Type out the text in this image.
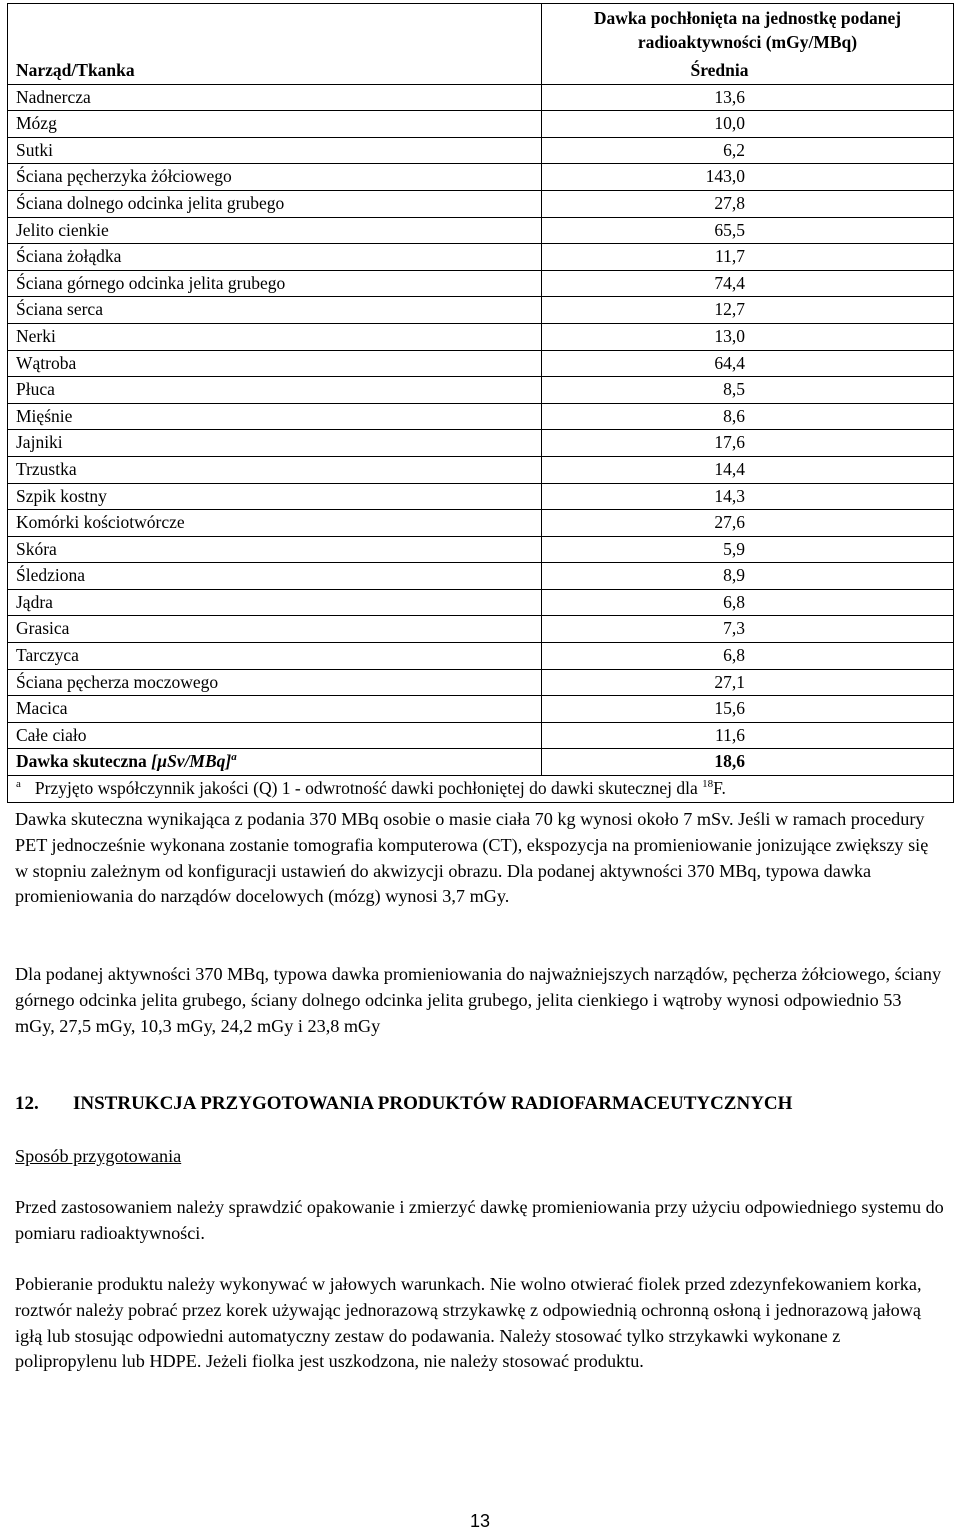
	Dawka pochłonięta na jednostkę podanej radioaktywności (mGy/MBq)

Narząd/Tkanka	Średnia
Nadnercza	13,6
Mózg	10,0
Sutki	6,2
Ściana pęcherzyka żółciowego	143,0
Ściana dolnego odcinka jelita grubego	27,8
Jelito cienkie	65,5
Ściana żołądka	11,7
Ściana górnego odcinka jelita grubego	74,4
Ściana serca	12,7
Nerki	13,0
Wątroba	64,4
Płuca	8,5
Mięśnie	8,6
Jajniki	17,6
Trzustka	14,4
Szpik kostny	14,3
Komórki kościotwórcze	27,6
Skóra	5,9
Śledziona	8,9
Jądra	6,8
Grasica	7,3
Tarczyca	6,8
Ściana pęcherza moczowego	27,1
Macica	15,6
Całe ciało	11,6
Dawka skuteczna $[\mu Sv/MBq]^a$	18,6
$^a$ Przyjęto współczynnik jakości (Q) 1 - odwrotność dawki pochłoniętej do dawki skutecznej dla $^{18}$F.	

Dawka skuteczna wynikająca z podania 370 MBq osobie o masie ciała 70 kg wynosi około 7 mSv. Jeśli w ramach procedury PET jednocześnie wykonana zostanie tomografia komputerowa (CT), ekspozycja na promieniowanie jonizujące zwiększy się w stopniu zależnym od konfiguracji ustawień do akwizycji obrazu. Dla podanej aktywności 370 MBq, typowa dawka promieniowania do narządów docelowych (mózg) wynosi 3,7 mGy.

Dla podanej aktywności 370 MBq, typowa dawka promieniowania do najważniejszych narządów, pęcherza żółciowego, ściany górnego odcinka jelita grubego, ściany dolnego odcinka jelita grubego, jelita cienkiego i wątroby wynosi odpowiednio 53 mGy, 27,5 mGy, 10,3 mGy, 24,2 mGy i 23,8 mGy

12. INSTRUKCJA PRZYGOTOWANIA PRODUKTÓW RADIOFARMACEUTYCZNYCH

Sposób przygotowania

Przed zastosowaniem należy sprawdzić opakowanie i zmierzyć dawkę promieniowania przy użyciu odpowiedniego systemu do pomiaru radioaktywności.

Pobieranie produktu należy wykonywać w jałowych warunkach. Nie wolno otwierać fiolek przed zdezynfekowaniem korka, roztwór należy pobrać przez korek używając jednorazową strzykawkę z odpowiednią ochronną osłoną i jednorazową jałową igłą lub stosując odpowiedni automatyczny zestaw do podawania. Należy stosować tylko strzykawki wykonane z polipropylenu lub HDPE. Jeżeli fiolka jest uszkodzona, nie należy stosować produktu.

13
